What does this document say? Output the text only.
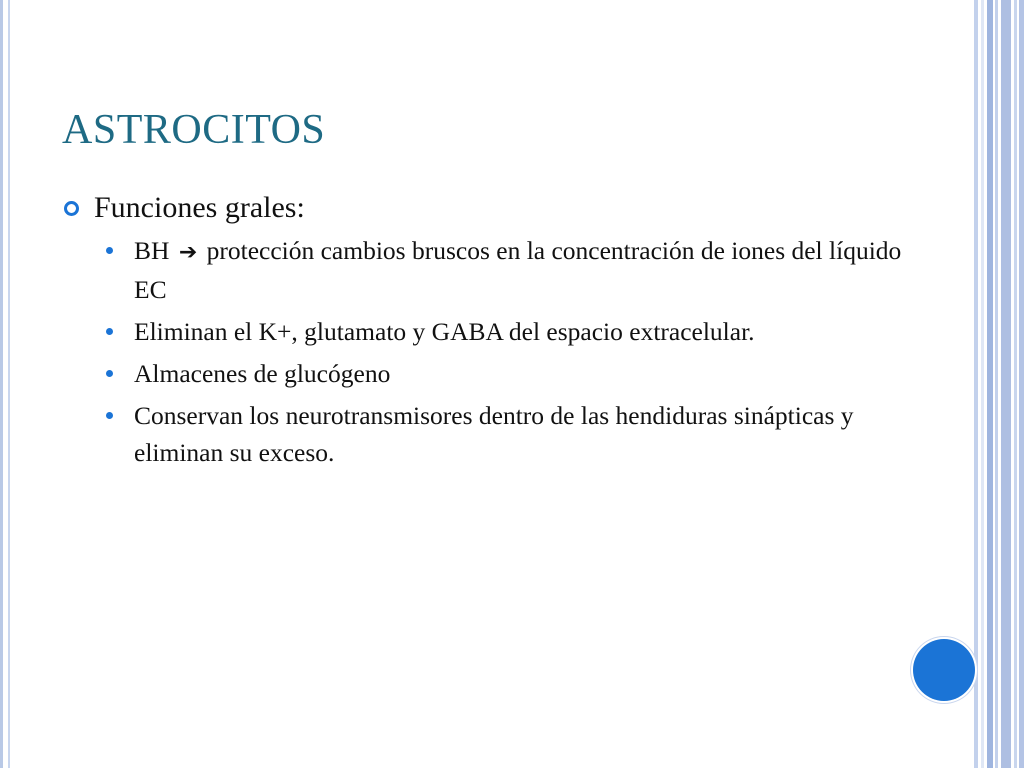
ASTROCITOS
Funciones grales:
BH ➔ protección cambios bruscos en la concentración de iones del líquido EC
Eliminan el K+, glutamato y GABA del espacio extracelular.
Almacenes de glucógeno
Conservan los neurotransmisores dentro de las hendiduras sinápticas y eliminan su exceso.
